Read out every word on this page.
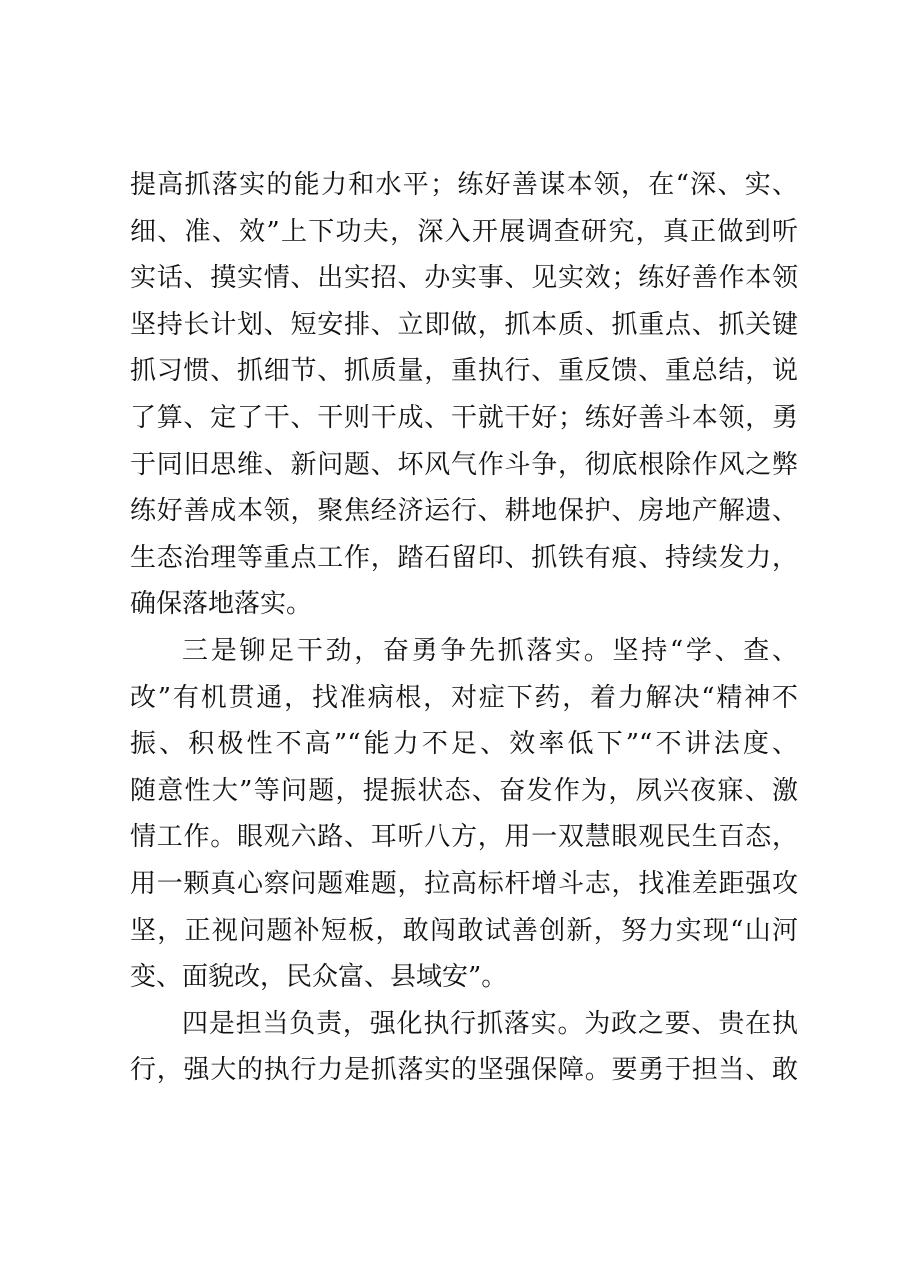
提高抓落实的能力和水平；练好善谋本领，在“深、实、
细、准、效”上下功夫，深入开展调查研究，真正做到听
实话、摸实情、出实招、办实事、见实效；练好善作本领
坚持长计划、短安排、立即做，抓本质、抓重点、抓关键
抓习惯、抓细节、抓质量，重执行、重反馈、重总结，说
了算、定了干、干则干成、干就干好；练好善斗本领，勇
于同旧思维、新问题、坏风气作斗争，彻底根除作风之弊
练好善成本领，聚焦经济运行、耕地保护、房地产解遗、
生态治理等重点工作，踏石留印、抓铁有痕、持续发力，
确保落地落实。
三是铆足干劲，奋勇争先抓落实。坚持“学、查、
改”有机贯通，找准病根，对症下药，着力解决“精神不
振、积极性不高”“能力不足、效率低下”“不讲法度、
随意性大”等问题，提振状态、奋发作为，夙兴夜寐、激
情工作。眼观六路、耳听八方，用一双慧眼观民生百态，
用一颗真心察问题难题，拉高标杆增斗志，找准差距强攻
坚，正视问题补短板，敢闯敢试善创新，努力实现“山河
变、面貌改，民众富、县域安”。
四是担当负责，强化执行抓落实。为政之要、贵在执
行，强大的执行力是抓落实的坚强保障。要勇于担当、敢
